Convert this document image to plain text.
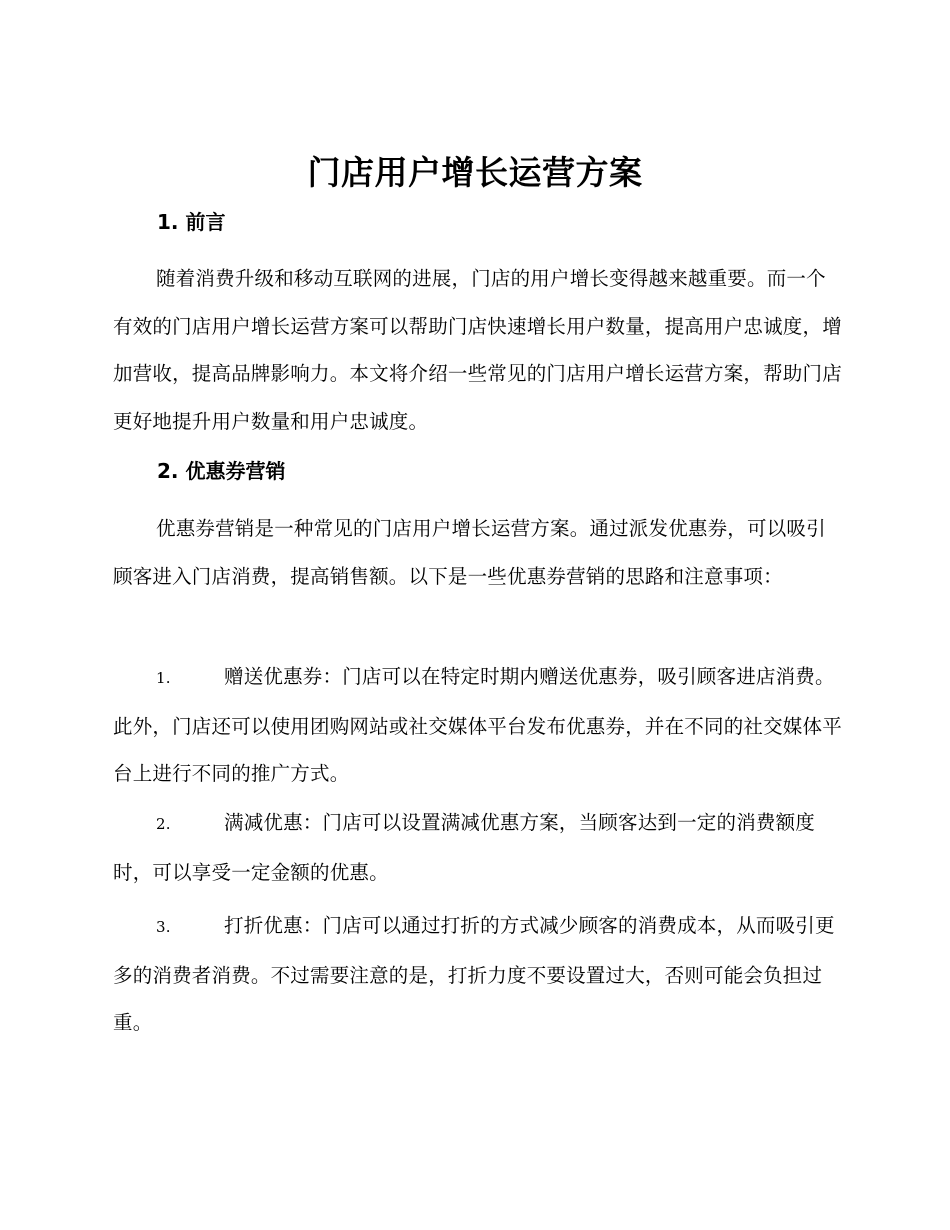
门店用户增长运营方案
1. 前言

随着消费升级和移动互联网的进展，门店的用户增长变得越来越重要。而一个有效的门店用户增长运营方案可以帮助门店快速增长用户数量，提高用户忠诚度，增加营收，提高品牌影响力。本文将介绍一些常见的门店用户增长运营方案，帮助门店更好地提升用户数量和用户忠诚度。

2. 优惠券营销

优惠券营销是一种常见的门店用户增长运营方案。通过派发优惠券，可以吸引顾客进入门店消费，提高销售额。以下是一些优惠券营销的思路和注意事项：

1.	赠送优惠券：门店可以在特定时期内赠送优惠券，吸引顾客进店消费。此外，门店还可以使用团购网站或社交媒体平台发布优惠券，并在不同的社交媒体平台上进行不同的推广方式。
2.	满减优惠：门店可以设置满减优惠方案，当顾客达到一定的消费额度时，可以享受一定金额的优惠。
3.	打折优惠：门店可以通过打折的方式减少顾客的消费成本，从而吸引更多的消费者消费。不过需要注意的是，打折力度不要设置过大，否则可能会负担过重。
